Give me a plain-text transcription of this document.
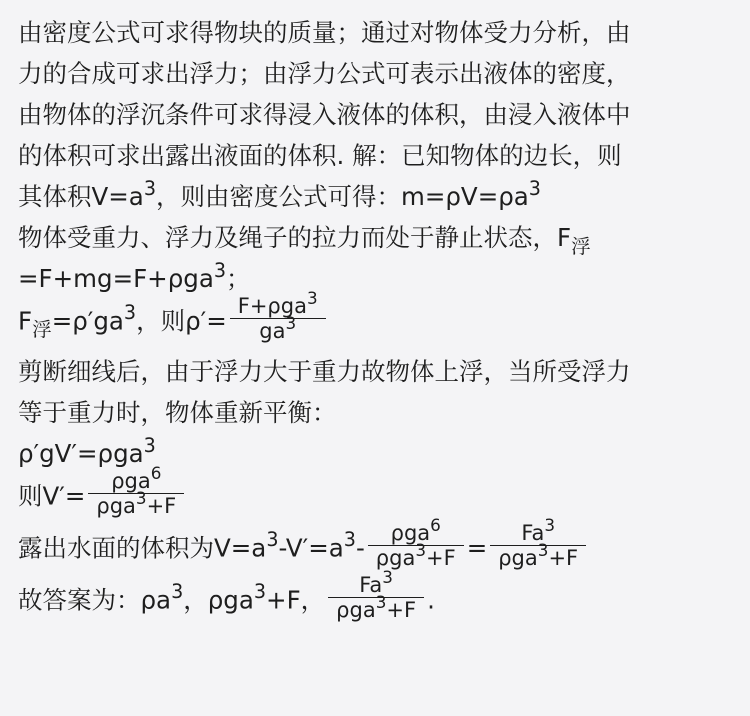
由密度公式可求得物块的质量；通过对物体受力分析，由
力的合成可求出浮力；由浮力公式可表示出液体的密度，
由物体的浮沉条件可求得浸入液体的体积，由浸入液体中
的体积可求出露出液面的体积. 解：已知物体的边长，则
其体积$V=a^3$，则由密度公式可得：$m=\rho V=\rho a^3$
物体受重力、浮力及绳子的拉力而处于静止状态，$F_浮$
=F+mg=F+ρga$^3$；
$F_浮=\rho'ga^3$，则$\rho'= \frac{F+\rho ga^3}{ga^3}$
剪断细线后，由于浮力大于重力故物体上浮，当所受浮力
等于重力时，物体重新平衡：
ρ′gV′=ρga$^3$
则$V'= \frac{\rho ga^6}{\rho ga^3+F}$
露出水面的体积为$V=a^3-V'=a^3- \frac{\rho ga^6}{\rho ga^3+F} = \frac{Fa^3}{\rho ga^3+F}$
故答案为：$\rho a^3$，ρga$^3$+F， $\frac{Fa^3}{\rho ga^3+F}$ .
